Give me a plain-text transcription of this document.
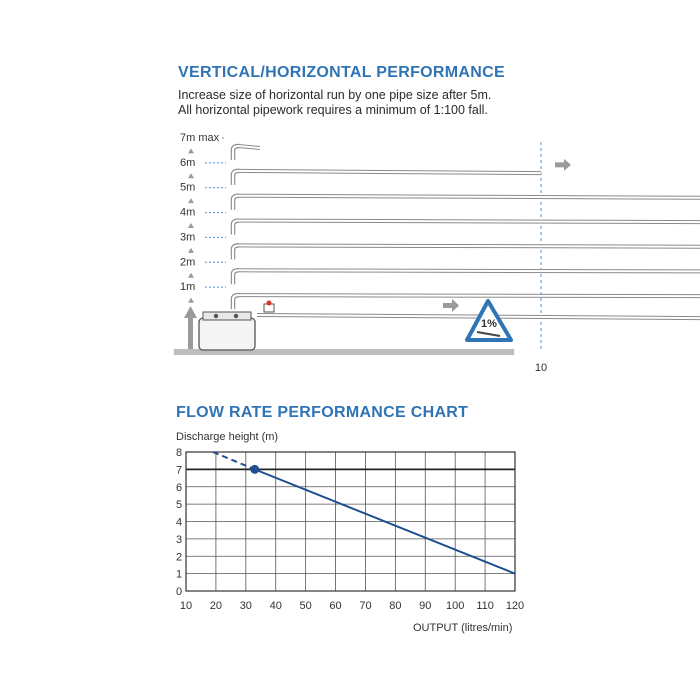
VERTICAL/HORIZONTAL PERFORMANCE
Increase size of horizontal run by one pipe size after 5m.
All horizontal pipework requires a minimum of 1:100 fall.
FLOW RATE PERFORMANCE CHART
7m max
6m
5m
4m
3m
2m
1m
10
1%
Discharge height (m)
OUTPUT (litres/min)
0
1
2
3
4
5
6
7
8
10 20 30 40 50 60 70 80 90 100 110 120
